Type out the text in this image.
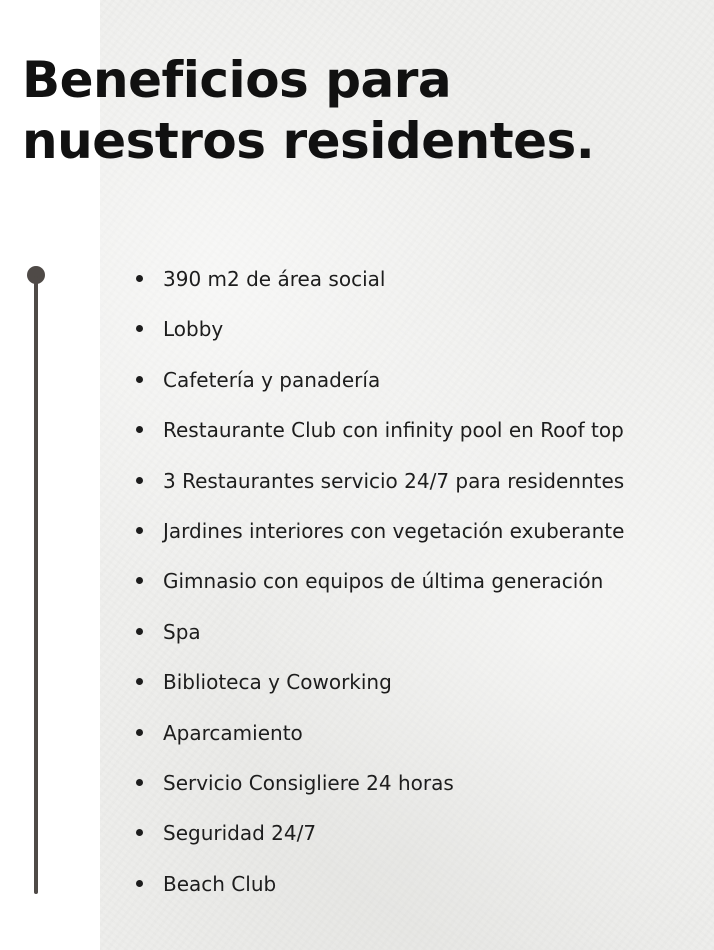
Beneficios para
nuestros residentes.
390 m2 de área social
Lobby
Cafetería y panadería
Restaurante Club con infinity pool en Roof top
3 Restaurantes servicio 24/7 para residenntes
Jardines interiores con vegetación exuberante
Gimnasio con equipos de última generación
Spa
Biblioteca y Coworking
Aparcamiento
Servicio Consigliere 24 horas
Seguridad 24/7
Beach Club
